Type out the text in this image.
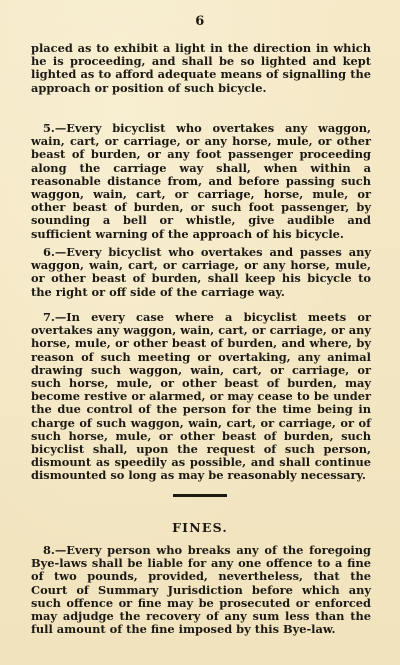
6

placed as to exhibit a light in the direction in which he is proceeding, and shall be so lighted and kept lighted as to afford adequate means of signalling the approach or position of such bicycle.

5.—Every bicyclist who overtakes any waggon, wain, cart, or carriage, or any horse, mule, or other beast of burden, or any foot passenger proceeding along the carriage way shall, when within a reasonable distance from, and before passing such waggon, wain, cart, or carriage, horse, mule, or other beast of burden, or such foot passenger, by sounding a bell or whistle, give audible and sufficient warning of the approach of his bicycle.

6.—Every bicyclist who overtakes and passes any waggon, wain, cart, or carriage, or any horse, mule, or other beast of burden, shall keep his bicycle to the right or off side of the carriage way.

7.—In every case where a bicyclist meets or overtakes any waggon, wain, cart, or carriage, or any horse, mule, or other beast of burden, and where, by reason of such meeting or overtaking, any animal drawing such waggon, wain, cart, or carriage, or such horse, mule, or other beast of burden, may become restive or alarmed, or may cease to be under the due control of the person for the time being in charge of such waggon, wain, cart, or carriage, or of such horse, mule, or other beast of burden, such bicyclist shall, upon the request of such person, dismount as speedily as possible, and shall continue dismounted so long as may be reasonably necessary.

FINES.

8.—Every person who breaks any of the foregoing Bye-laws shall be liable for any one offence to a fine of two pounds, provided, nevertheless, that the Court of Summary Jurisdiction before which any such offence or fine may be prosecuted or enforced may adjudge the recovery of any sum less than the full amount of the fine imposed by this Bye-law.
